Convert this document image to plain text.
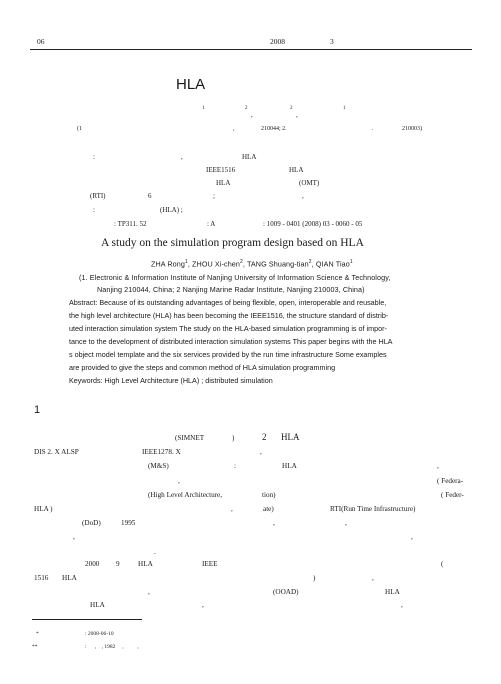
06	2008	3
HLA
1	2
,
2
,
1
(1	,	210044; 2.	.	210003)
:	,	HLA
IEEE1516	HLA
HLA	(OMT)
(RTI)	6	;	,
:	(HLA) ;
: TP311. 52	: A	: 1009 - 0401 (2008) 03 - 0060 - 05
A study on the simulation program design based on HLA
ZHA Rong$^1$, ZHOU Xi-chen$^2$, TANG Shuang-tian$^2$, QIAN Tiao$^1$
(1. Electronic & Information Institute of Nanjing University of Information Science & Technology,
Nanjing 210044, China; 2 Nanjing Marine Radar Institute, Nanjing 210003, China)
Abstract: Because of its outstanding advantages of being flexible, open, interoperable and reusable,
the high level architecture (HLA) has been becoming the IEEE1516, the structure standard of distrib-
uted interaction simulation system The study on the HLA-based simulation programming is of impor-
tance to the development of distributed interaction simulation systems This paper begins with the HLA
s object model template and the six services provided by the run time infrastructure Some examples
are provided to give the steps and common method of HLA simulation programming
Keywords: High Level Architecture (HLA) ; distributed simulation
1
(SIMNET	)	2 HLA
DIS 2. X ALSP	IEEE1278. X	,
(M&S)	:	HLA	,
,	( Federa-
(High Level Architecture,	tion)	( Feder-
HLA )	,	ate)	RTI(Run Time Infrastructure)
(DoD)	1995	,	,
,	,
.
2000 9	HLA	IEEE	(
1516 HLA	)	,
,	(OOAD)	HLA
HLA	,	,
*	: 2008-06-10
**	:      ,    , 1982     ,          ,
